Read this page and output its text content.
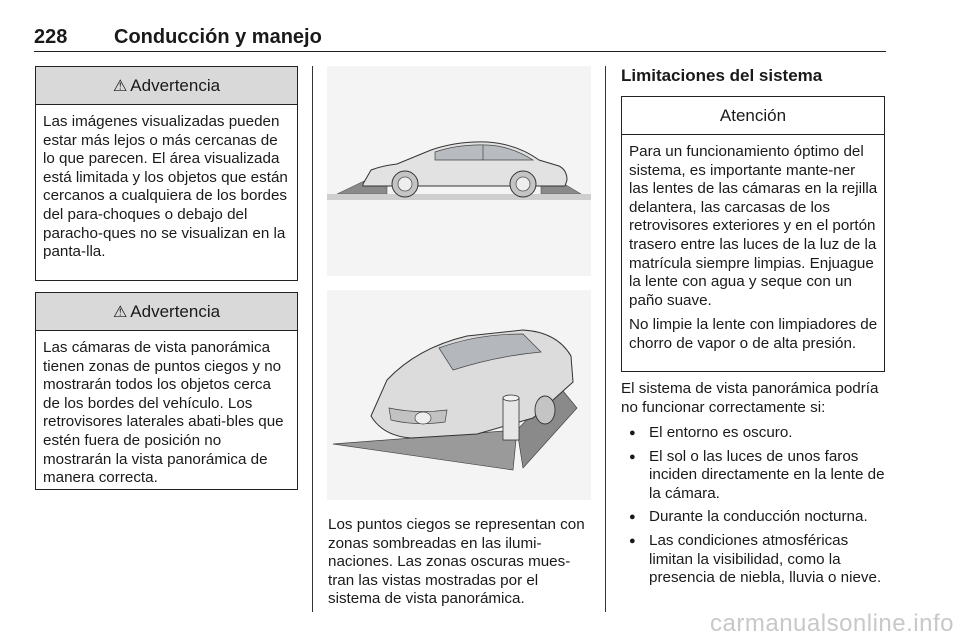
228 Conducción y manejo
⚠ Advertencia

Las imágenes visualizadas pueden estar más lejos o más cercanas de lo que parecen. El área visualizada está limitada y los objetos que están cercanos a cualquiera de los bordes del para-choques o debajo del paracho-ques no se visualizan en la panta-lla.

⚠ Advertencia

Las cámaras de vista panorámica tienen zonas de puntos ciegos y no mostrarán todos los objetos cerca de los bordes del vehículo. Los retrovisores laterales abati-bles que estén fuera de posición no mostrarán la vista panorámica de manera correcta.

Los puntos ciegos se representan con zonas sombreadas en las ilumi-naciones. Las zonas oscuras mues-tran las vistas mostradas por el sistema de vista panorámica.
Limitaciones del sistema
Atención

Para un funcionamiento óptimo del sistema, es importante mante-ner las lentes de las cámaras en la rejilla delantera, las carcasas de los retrovisores exteriores y en el portón trasero entre las luces de la luz de la matrícula siempre limpias. Enjuague la lente con agua y seque con un paño suave.

No limpie la lente con limpiadores de chorro de vapor o de alta presión.

El sistema de vista panorámica podría no funcionar correctamente si:
● El entorno es oscuro.
● El sol o las luces de unos faros inciden directamente en la lente de la cámara.
● Durante la conducción nocturna.
● Las condiciones atmosféricas limitan la visibilidad, como la presencia de niebla, lluvia o nieve.
carmanualsonline.info
